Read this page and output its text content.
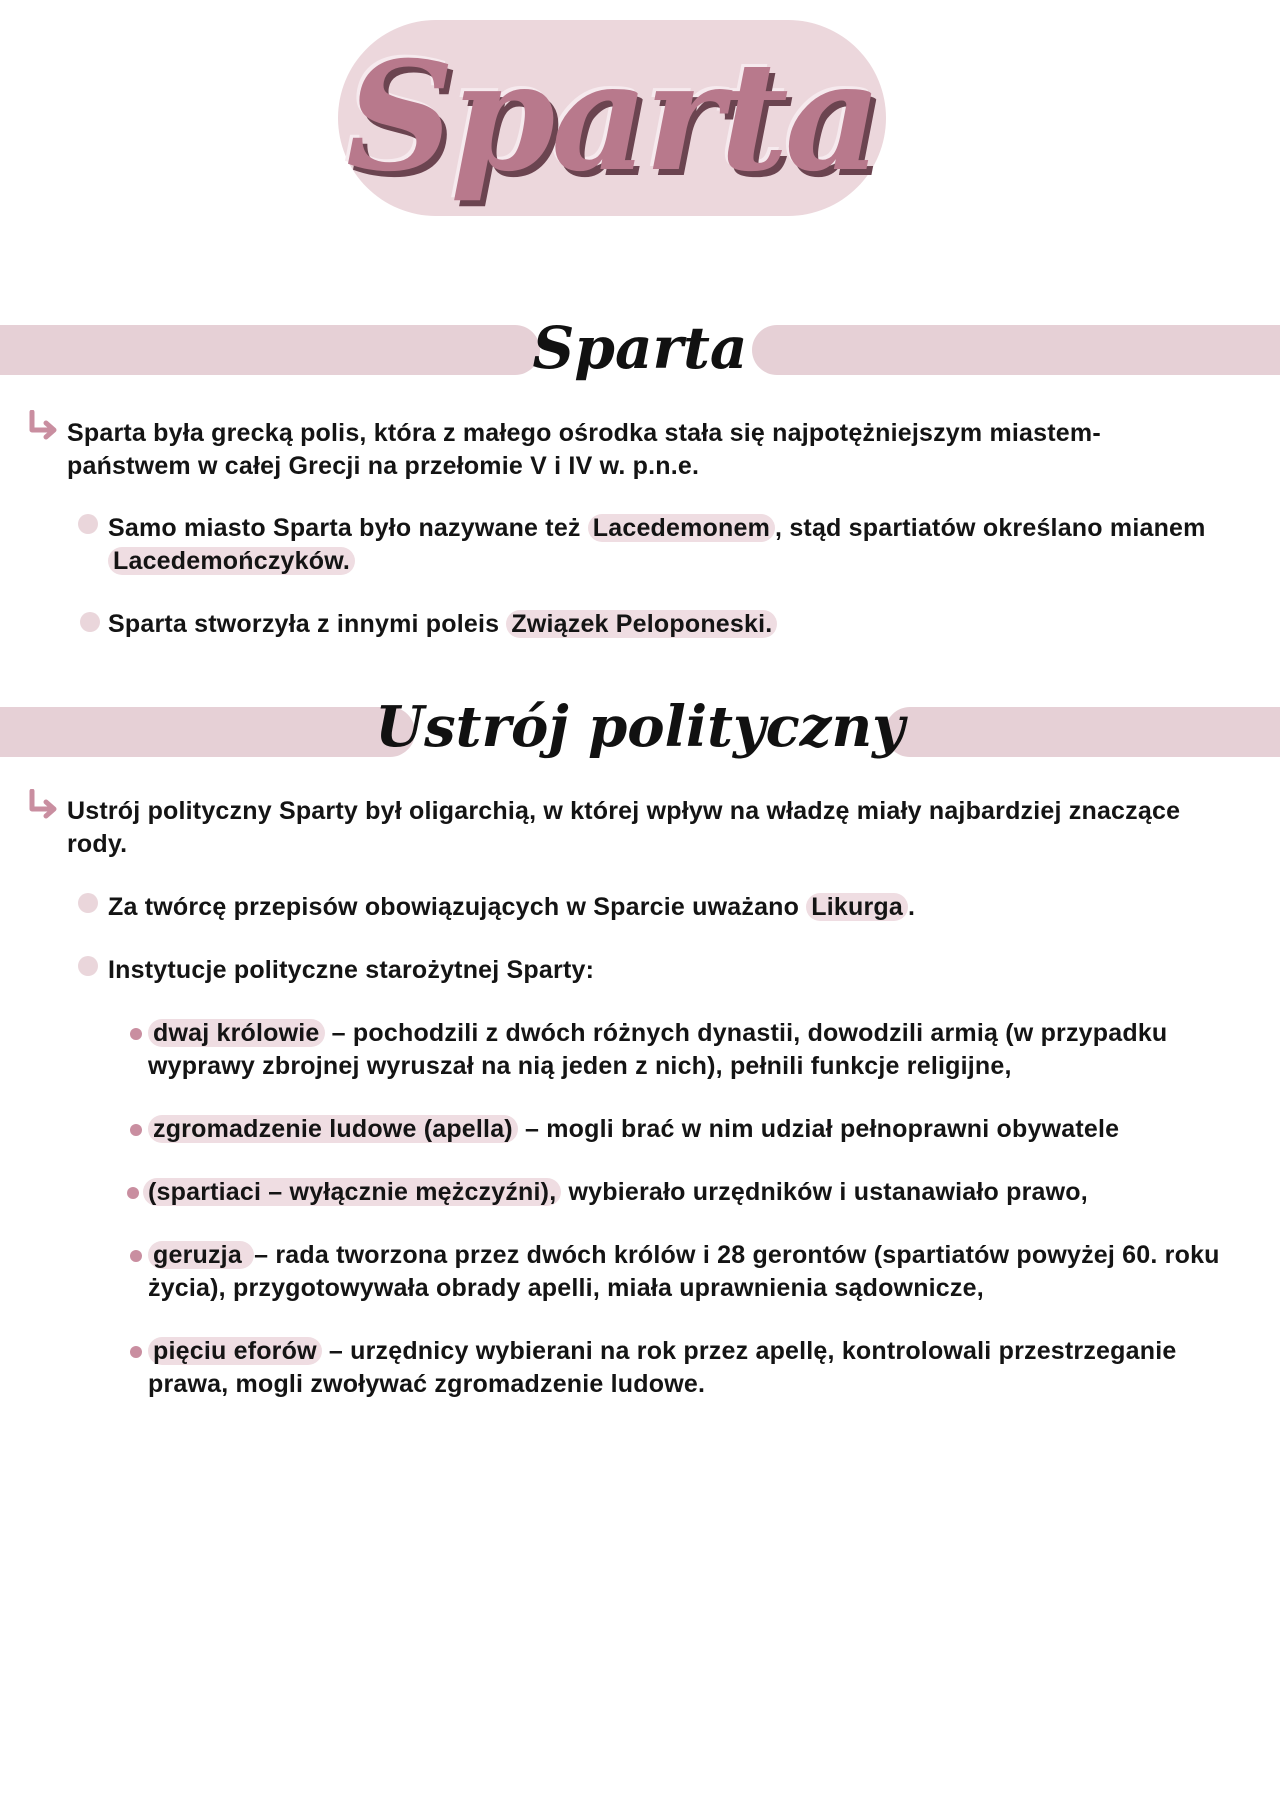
Sparta
Sparta
Sparta była grecką polis, która z małego ośrodka stała się najpotężniejszym miastem-
państwem w całej Grecji na przełomie V i IV w. p.n.e.
Samo miasto Sparta było nazywane też Lacedemonem , stąd spartiatów określano mianem
Lacedemończyków.
Sparta stworzyła z innymi poleis Związek Peloponeski.
Ustrój polityczny
Ustrój polityczny Sparty był oligarchią, w której wpływ na władzę miały najbardziej znaczące
rody.
Za twórcę przepisów obowiązujących w Sparcie uważano Likurga .
Instytucje polityczne starożytnej Sparty:
dwaj królowie – pochodzili z dwóch różnych dynastii, dowodzili armią (w przypadku
wyprawy zbrojnej wyruszał na nią jeden z nich), pełnili funkcje religijne,
zgromadzenie ludowe (apella) – mogli brać w nim udział pełnoprawni obywatele
(spartiaci – wyłącznie mężczyźni), wybierało urzędników i ustanawiało prawo,
geruzja – rada tworzona przez dwóch królów i 28 gerontów (spartiatów powyżej 60. roku
życia), przygotowywała obrady apelli, miała uprawnienia sądownicze,
pięciu eforów – urzędnicy wybierani na rok przez apellę, kontrolowali przestrzeganie
prawa, mogli zwoływać zgromadzenie ludowe.
